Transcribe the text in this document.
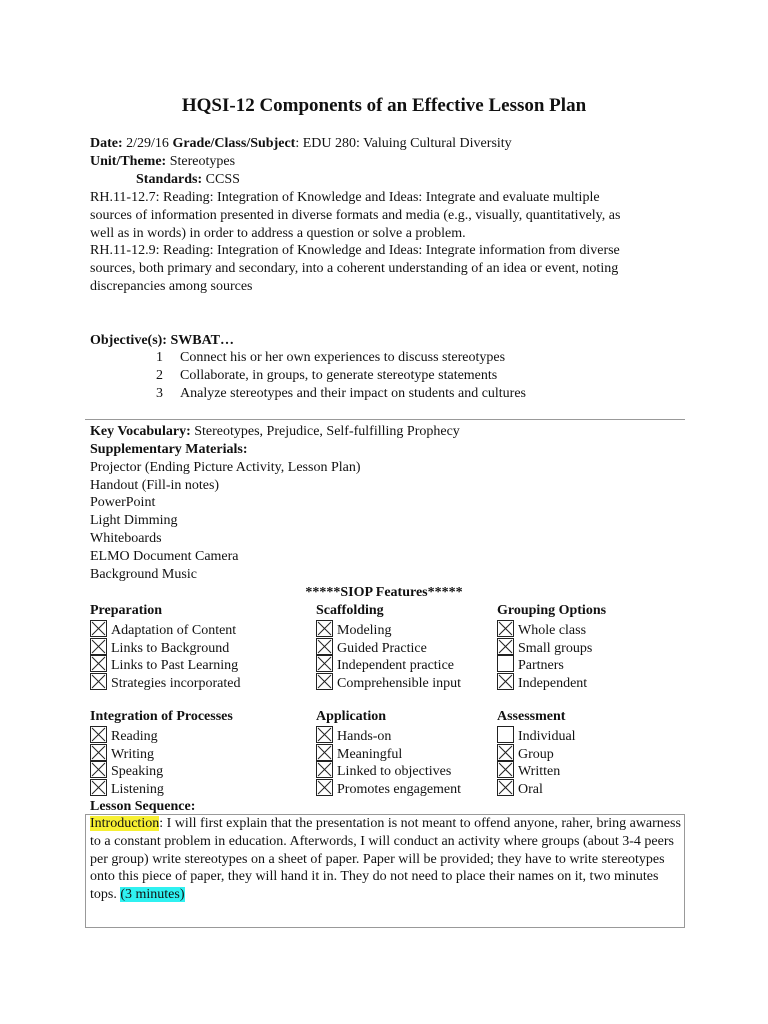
HQSI-12 Components of an Effective Lesson Plan
Date: 2/29/16 Grade/Class/Subject: EDU 280: Valuing Cultural Diversity
Unit/Theme: Stereotypes
Standards: CCSS
RH.11-12.7: Reading: Integration of Knowledge and Ideas: Integrate and evaluate multiple
sources of information presented in diverse formats and media (e.g., visually, quantitatively, as
well as in words) in order to address a question or solve a problem.
RH.11-12.9: Reading: Integration of Knowledge and Ideas: Integrate information from diverse
sources, both primary and secondary, into a coherent understanding of an idea or event, noting
discrepancies among sources
Objective(s): SWBAT…
1 Connect his or her own experiences to discuss stereotypes
2 Collaborate, in groups, to generate stereotype statements
3 Analyze stereotypes and their impact on students and cultures
Key Vocabulary: Stereotypes, Prejudice, Self-fulfilling Prophecy
Supplementary Materials:
Projector (Ending Picture Activity, Lesson Plan)
Handout (Fill-in notes)
PowerPoint
Light Dimming
Whiteboards
ELMO Document Camera
Background Music
*****SIOP Features*****
Preparation
Adaptation of Content
Links to Background
Links to Past Learning
Strategies incorporated
Scaffolding
Modeling
Guided Practice
Independent practice
Comprehensible input
Grouping Options
Whole class
Small groups
Partners
Independent
Integration of Processes
Reading
Writing
Speaking
Listening
Application
Hands-on
Meaningful
Linked to objectives
Promotes engagement
Assessment
Individual
Group
Written
Oral
Lesson Sequence:
Introduction: I will first explain that the presentation is not meant to offend anyone, raher, bring awarness to a constant problem in education. Afterwords, I will conduct an activity where groups (about 3-4 peers per group) write stereotypes on a sheet of paper. Paper will be provided; they have to write stereotypes onto this piece of paper, they will hand it in. They do not need to place their names on it, two minutes tops. (3 minutes)
